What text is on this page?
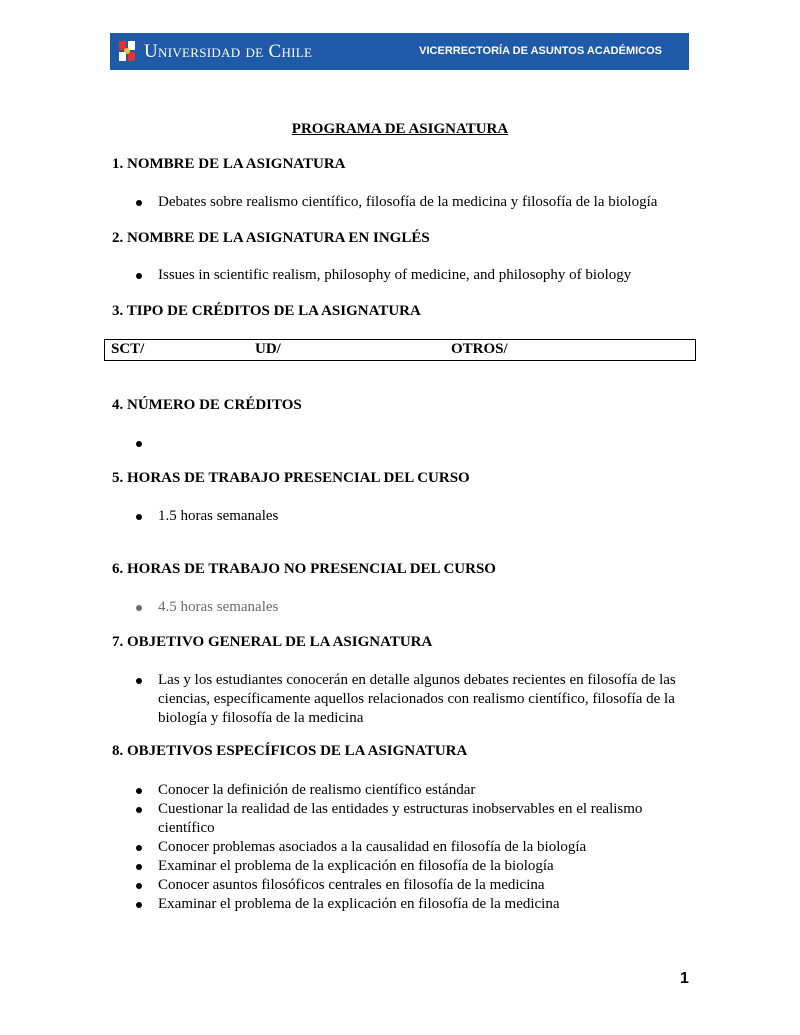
Universidad de Chile	VICERRECTORÍA DE ASUNTOS ACADÉMICOS
PROGRAMA DE ASIGNATURA
1. NOMBRE DE LA ASIGNATURA
Debates sobre realismo científico, filosofía de la medicina y filosofía de la biología
2. NOMBRE DE LA ASIGNATURA EN INGLÉS
Issues in scientific realism, philosophy of medicine, and philosophy of biology
3. TIPO DE CRÉDITOS DE LA ASIGNATURA
SCT/	UD/	OTROS/
4. NÚMERO DE CRÉDITOS
5. HORAS DE TRABAJO PRESENCIAL DEL CURSO
1.5 horas semanales
6. HORAS DE TRABAJO NO PRESENCIAL DEL CURSO
4.5 horas semanales
7. OBJETIVO GENERAL DE LA ASIGNATURA
Las y los estudiantes conocerán en detalle algunos debates recientes en filosofía de las ciencias, específicamente aquellos relacionados con realismo científico, filosofía de la biología y filosofía de la medicina
8. OBJETIVOS ESPECÍFICOS DE LA ASIGNATURA
Conocer la definición de realismo científico estándar
Cuestionar la realidad de las entidades y estructuras inobservables en el realismo científico
Conocer problemas asociados a la causalidad en filosofía de la biología
Examinar el problema de la explicación en filosofía de la biología
Conocer asuntos filosóficos centrales en filosofía de la medicina
Examinar el problema de la explicación en filosofía de la medicina
1
